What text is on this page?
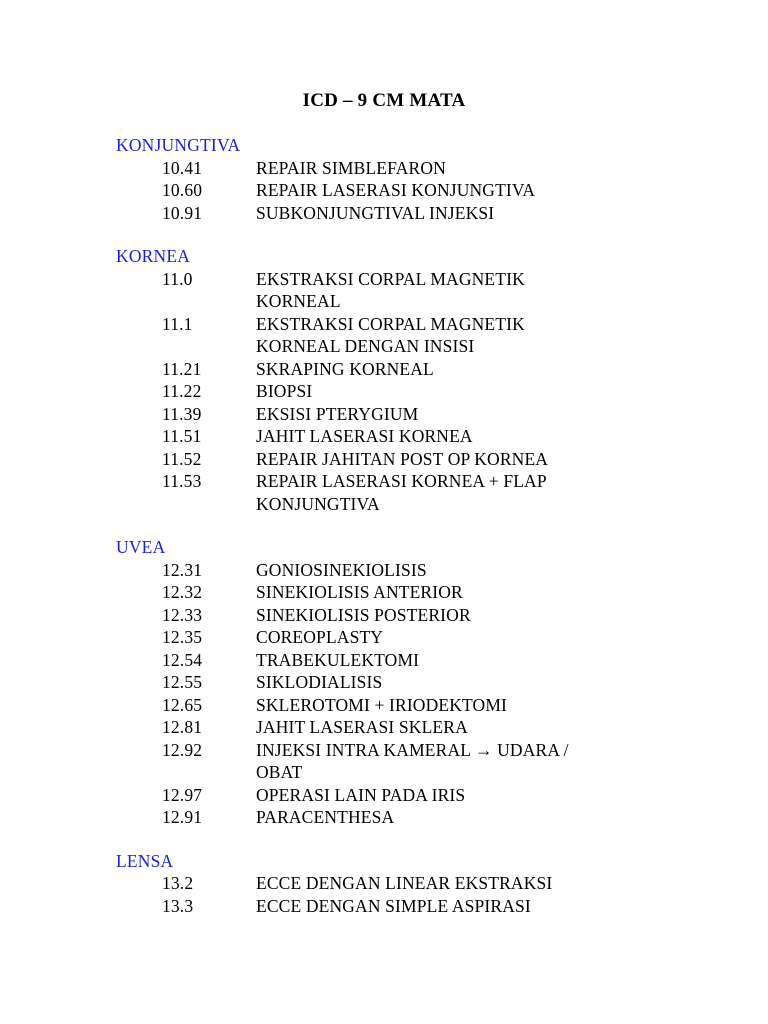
ICD – 9 CM MATA
KONJUNGTIVA
10.41	REPAIR SIMBLEFARON
10.60	REPAIR LASERASI KONJUNGTIVA
10.91	SUBKONJUNGTIVAL INJEKSI
KORNEA
11.0	EKSTRAKSI CORPAL MAGNETIK
KORNEAL
11.1	EKSTRAKSI CORPAL MAGNETIK
KORNEAL DENGAN INSISI
11.21	SKRAPING KORNEAL
11.22	BIOPSI
11.39	EKSISI PTERYGIUM
11.51	JAHIT LASERASI KORNEA
11.52	REPAIR JAHITAN POST OP KORNEA
11.53	REPAIR LASERASI KORNEA + FLAP
KONJUNGTIVA
UVEA
12.31	GONIOSINEKIOLISIS
12.32	SINEKIOLISIS ANTERIOR
12.33	SINEKIOLISIS POSTERIOR
12.35	COREOPLASTY
12.54	TRABEKULEKTOMI
12.55	SIKLODIALISIS
12.65	SKLEROTOMI + IRIODEKTOMI
12.81	JAHIT LASERASI SKLERA
12.92	INJEKSI INTRA KAMERAL → UDARA /
OBAT
12.97	OPERASI LAIN PADA IRIS
12.91	PARACENTHESA
LENSA
13.2	ECCE DENGAN LINEAR EKSTRAKSI
13.3	ECCE DENGAN SIMPLE ASPIRASI
